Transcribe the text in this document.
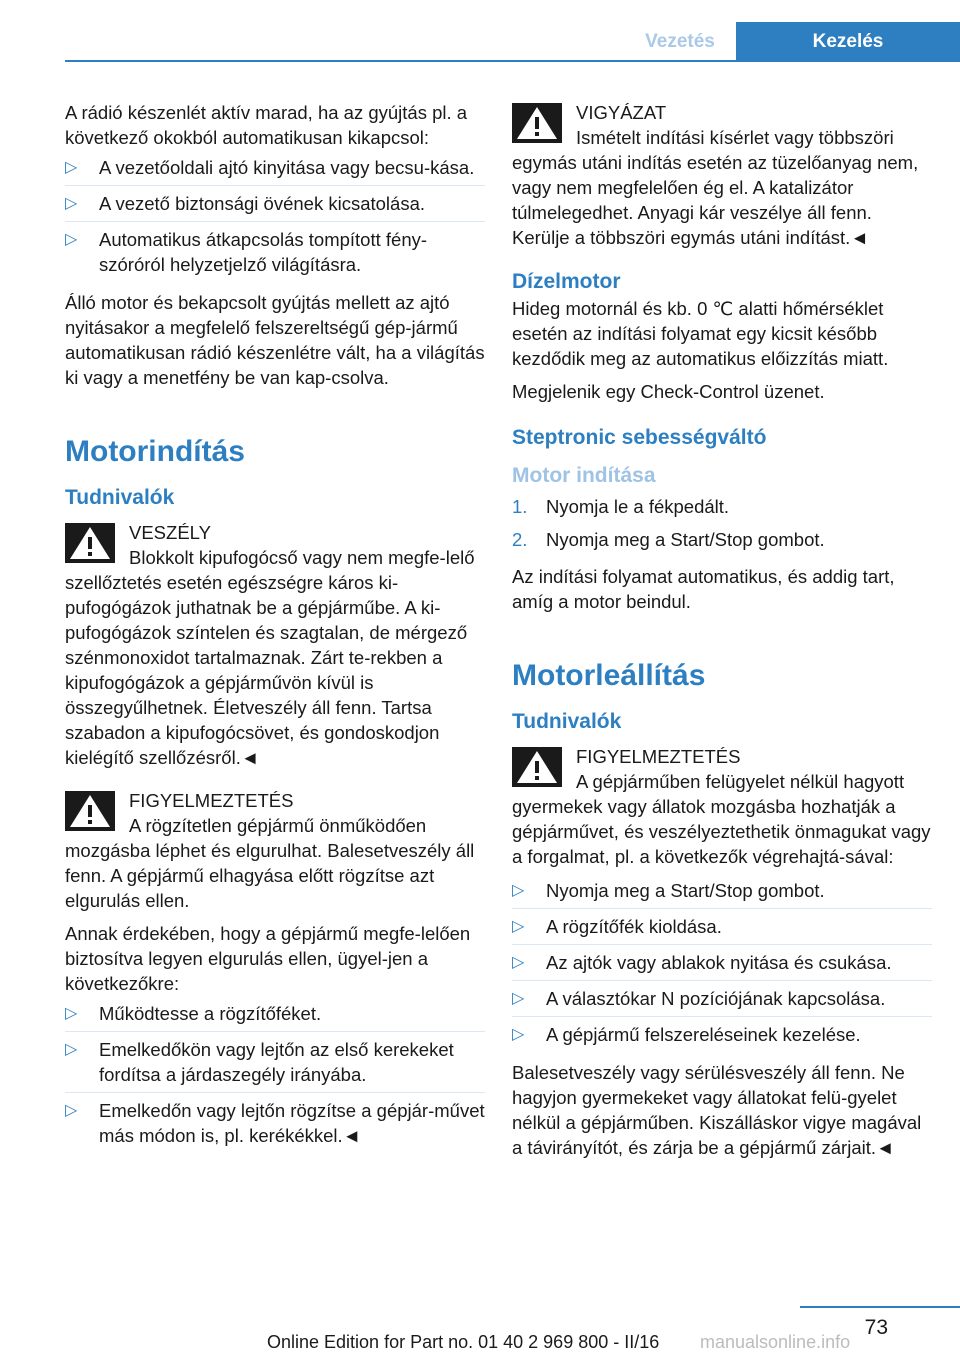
Vezetés	Kezelés

A rádió készenlét aktív marad, ha az gyújtás pl. a következő okokból automatikusan kikapcsol:

▷ A vezetőoldali ajtó kinyitása vagy becsu-kása.
▷ A vezető biztonsági övének kicsatolása.
▷ Automatikus átkapcsolás tompított fény-szóróról helyzetjelző világításra.

Álló motor és bekapcsolt gyújtás mellett az ajtó nyitásakor a megfelelő felszereltségű gép-jármű automatikusan rádió készenlétre vált, ha a világítás ki vagy a menetfény be van kap-csolva.

Motorindítás
Tudnivalók

VESZÉLY
Blokkolt kipufogócső vagy nem megfe-lelő szellőztetés esetén egészségre káros ki-pufogógázok juthatnak be a gépjárműbe. A ki-pufogógázok színtelen és szagtalan, de mérgező szénmonoxidot tartalmaznak. Zárt te-rekben a kipufogógázok a gépjárművön kívül is összegyűlhetnek. Életveszély áll fenn. Tartsa szabadon a kipufogócsövet, és gondoskodjon kielégítő szellőzésről.◄

FIGYELMEZTETÉS
A rögzítetlen gépjármű önműködően mozgásba léphet és elgurulhat. Balesetveszély áll fenn. A gépjármű elhagyása előtt rögzítse azt elgurulás ellen.

Annak érdekében, hogy a gépjármű megfe-lelően biztosítva legyen elgurulás ellen, ügyel-jen a következőkre:

▷ Működtesse a rögzítőféket.
▷ Emelkedőkön vagy lejtőn az első kerekeket fordítsa a járdaszegély irányába.
▷ Emelkedőn vagy lejtőn rögzítse a gépjár-művet más módon is, pl. kerékékkel.◄

VIGYÁZAT
Ismételt indítási kísérlet vagy többszöri egymás utáni indítás esetén az tüzelőanyag nem, vagy nem megfelelően ég el. A katalizátor túlmelegedhet. Anyagi kár veszélye áll fenn. Kerülje a többszöri egymás utáni indítást.◄

Dízelmotor

Hideg motornál és kb. 0 ℃ alatti hőmérséklet esetén az indítási folyamat egy kicsit később kezdődik meg az automatikus előizzítás miatt.

Megjelenik egy Check-Control üzenet.

Steptronic sebességváltó
Motor indítása
1. Nyomja le a fékpedált.
2. Nyomja meg a Start/Stop gombot.

Az indítási folyamat automatikus, és addig tart, amíg a motor beindul.

Motorleállítás
Tudnivalók

FIGYELMEZTETÉS
A gépjárműben felügyelet nélkül hagyott gyermekek vagy állatok mozgásba hozhatják a gépjárművet, és veszélyeztethetik önmagukat vagy a forgalmat, pl. a következők végrehajtá-sával:

▷ Nyomja meg a Start/Stop gombot.
▷ A rögzítőfék kioldása.
▷ Az ajtók vagy ablakok nyitása és csukása.
▷ A választókar N pozíciójának kapcsolása.
▷ A gépjármű felszereléseinek kezelése.

Balesetveszély vagy sérülésveszély áll fenn. Ne hagyjon gyermekeket vagy állatokat felü-gyelet nélkül a gépjárműben. Kiszálláskor vigye magával a távirányítót, és zárja be a gépjármű zárjait.◄

73
Online Edition for Part no. 01 40 2 969 800 - II/16 manualsonline.info
